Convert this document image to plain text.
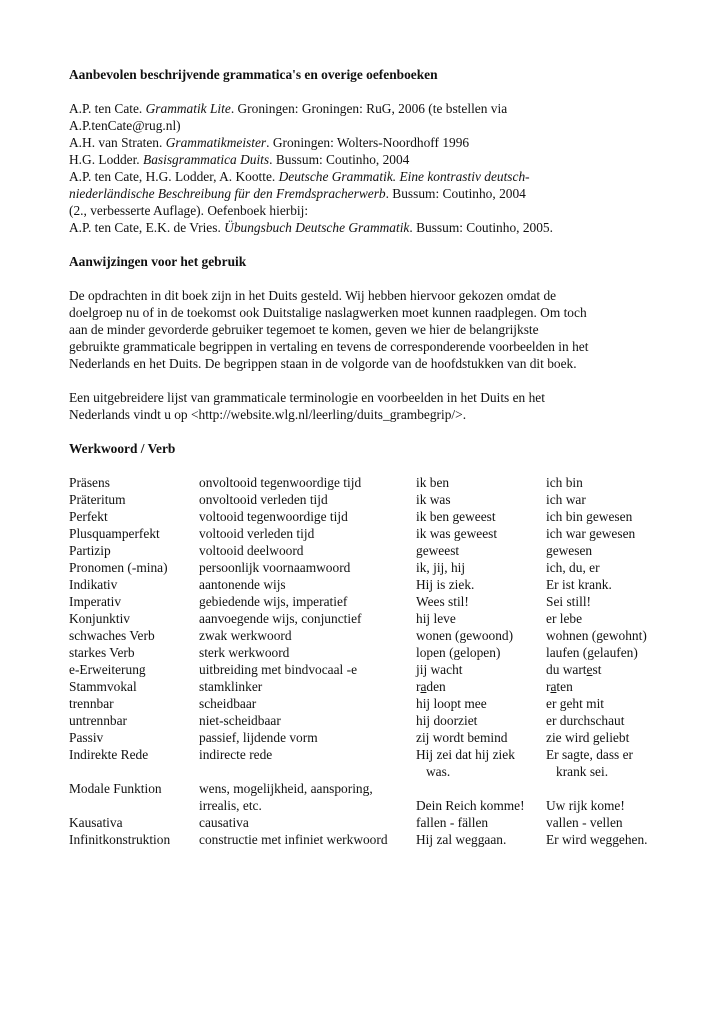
Aanbevolen beschrijvende grammatica's en overige oefenboeken

A.P. ten Cate. Grammatik Lite. Groningen: Groningen: RuG, 2006 (te bstellen via

A.P.tenCate@rug.nl)

A.H. van Straten. Grammatikmeister. Groningen: Wolters-Noordhoff 1996

H.G. Lodder. Basisgrammatica Duits. Bussum: Coutinho, 2004

A.P. ten Cate, H.G. Lodder, A. Kootte. Deutsche Grammatik. Eine kontrastiv deutsch-

niederländische Beschreibung für den Fremdspracherwerb. Bussum: Coutinho, 2004

(2., verbesserte Auflage). Oefenboek hierbij:

A.P. ten Cate, E.K. de Vries. Übungsbuch Deutsche Grammatik. Bussum: Coutinho, 2005.

Aanwijzingen voor het gebruik

De opdrachten in dit boek zijn in het Duits gesteld. Wij hebben hiervoor gekozen omdat de

doelgroep nu of in de toekomst ook Duitstalige naslagwerken moet kunnen raadplegen. Om toch

aan de minder gevorderde gebruiker tegemoet te komen, geven we hier de belangrijkste

gebruikte grammaticale begrippen in vertaling en tevens de corresponderende voorbeelden in het

Nederlands en het Duits. De begrippen staan in de volgorde van de hoofdstukken van dit boek.

Een uitgebreidere lijst van grammaticale terminologie en voorbeelden in het Duits en het

Nederlands vindt u op <http://website.wlg.nl/leerling/duits_grambegrip/>.

Werkwoord / Verb
Präsens	onvoltooid tegenwoordige tijd	ik ben	ich bin
Präteritum	onvoltooid verleden tijd	ik was	ich war
Perfekt	voltooid tegenwoordige tijd	ik ben geweest	ich bin gewesen
Plusquamperfekt	voltooid verleden tijd	ik was geweest	ich war gewesen
Partizip	voltooid deelwoord	geweest	gewesen
Pronomen (-mina)	persoonlijk voornaamwoord	ik, jij, hij	ich, du, er
Indikativ	aantonende wijs	Hij is ziek.	Er ist krank.
Imperativ	gebiedende wijs, imperatief	Wees stil!	Sei still!
Konjunktiv	aanvoegende wijs, conjunctief	hij leve	er lebe
schwaches Verb	zwak werkwoord	wonen (gewoond)	wohnen (gewohnt)
starkes Verb	sterk werkwoord	lopen (gelopen)	laufen (gelaufen)
e-Erweiterung	uitbreiding met bindvocaal -e	jij wacht	du wartest
Stammvokal	stamklinker	raden	raten
trennbar	scheidbaar	hij loopt mee	er geht mit
untrennbar	niet-scheidbaar	hij doorziet	er durchschaut
Passiv	passief, lijdende vorm	zij wordt bemind	zie wird geliebt
Indirekte Rede	indirecte rede	Hij zei dat hij ziek	Er sagte, dass er
		was.	krank sei.
Modale Funktion	wens, mogelijkheid, aansporing,		
	irrealis, etc.	Dein Reich komme!	Uw rijk kome!
Kausativa	causativa	fallen - fällen	vallen - vellen
Infinitkonstruktion	constructie met infiniet werkwoord	Hij zal weggaan.	Er wird weggehen.
